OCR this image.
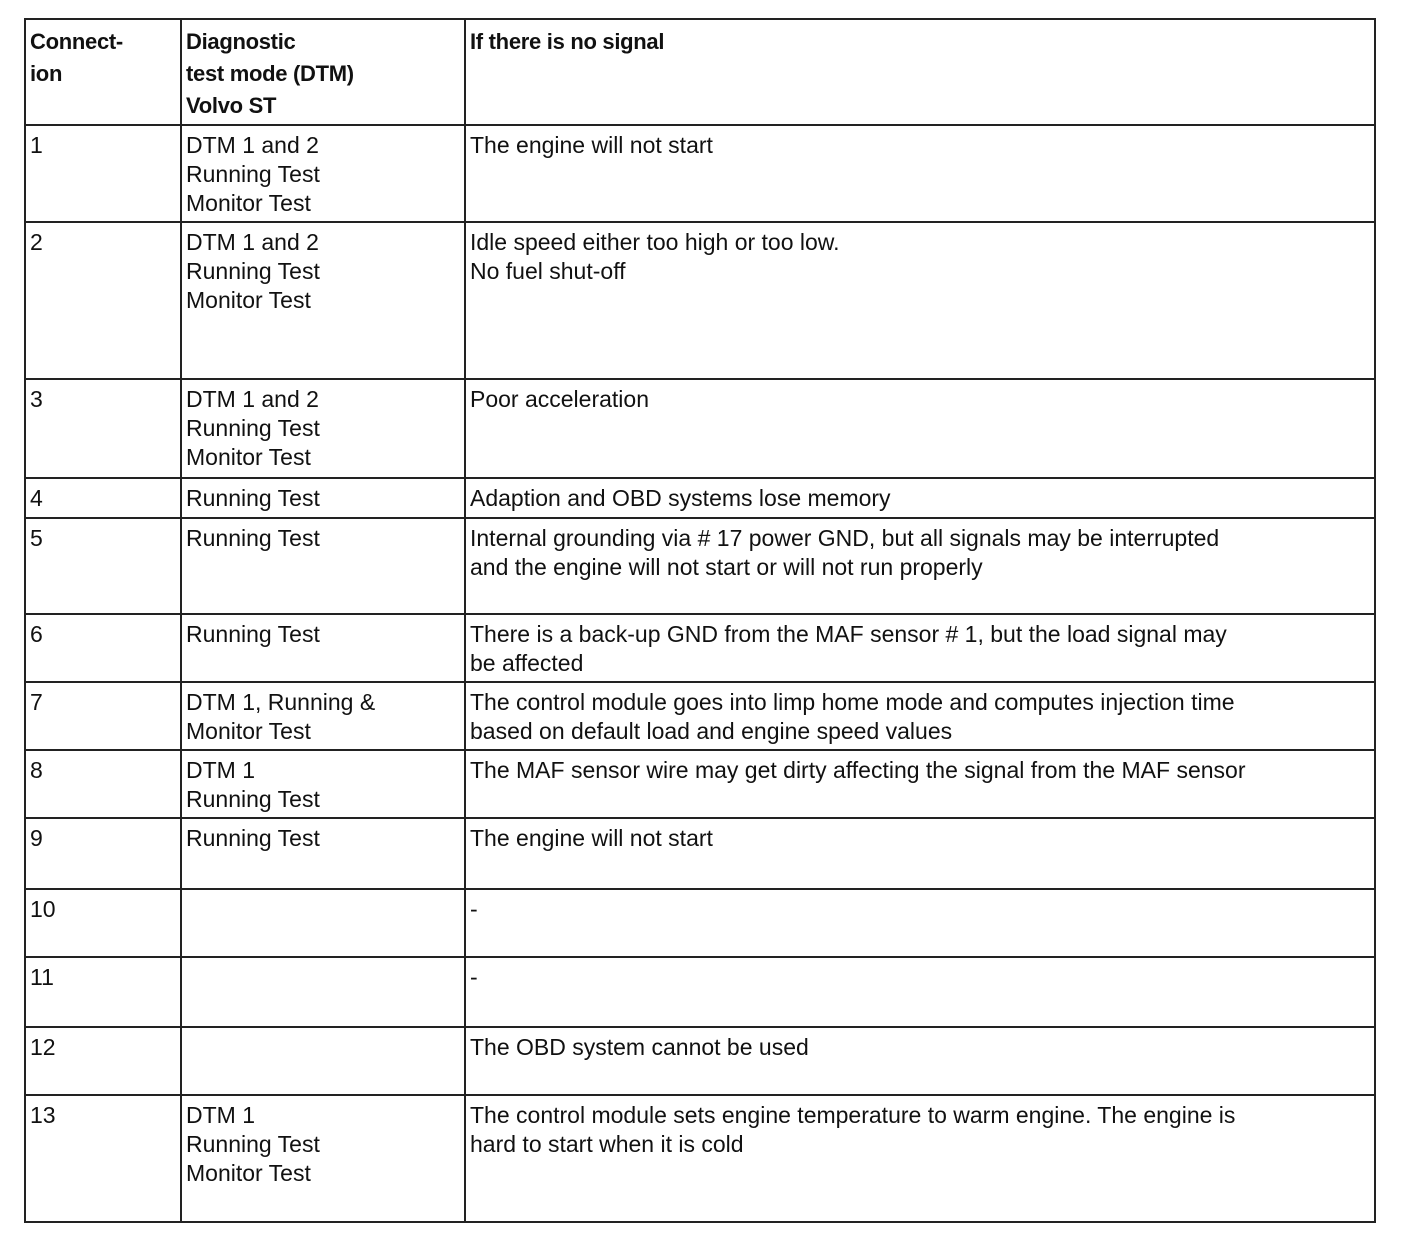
Connect-
ion	Diagnostic
test mode (DTM)
Volvo ST	If there is no signal
1	DTM 1 and 2
Running Test
Monitor Test	The engine will not start
2	DTM 1 and 2
Running Test
Monitor Test	Idle speed either too high or too low.
No fuel shut-off
3	DTM 1 and 2
Running Test
Monitor Test	Poor acceleration
4	Running Test	Adaption and OBD systems lose memory
5	Running Test	Internal grounding via # 17 power GND, but all signals may be interrupted
and the engine will not start or will not run properly
6	Running Test	There is a back-up GND from the MAF sensor # 1, but the load signal may
be affected
7	DTM 1, Running &
Monitor Test	The control module goes into limp home mode and computes injection time
based on default load and engine speed values
8	DTM 1
Running Test	The MAF sensor wire may get dirty affecting the signal from the MAF sensor
9	Running Test	The engine will not start
10		-
11		-
12		The OBD system cannot be used
13	DTM 1
Running Test
Monitor Test	The control module sets engine temperature to warm engine. The engine is
hard to start when it is cold
